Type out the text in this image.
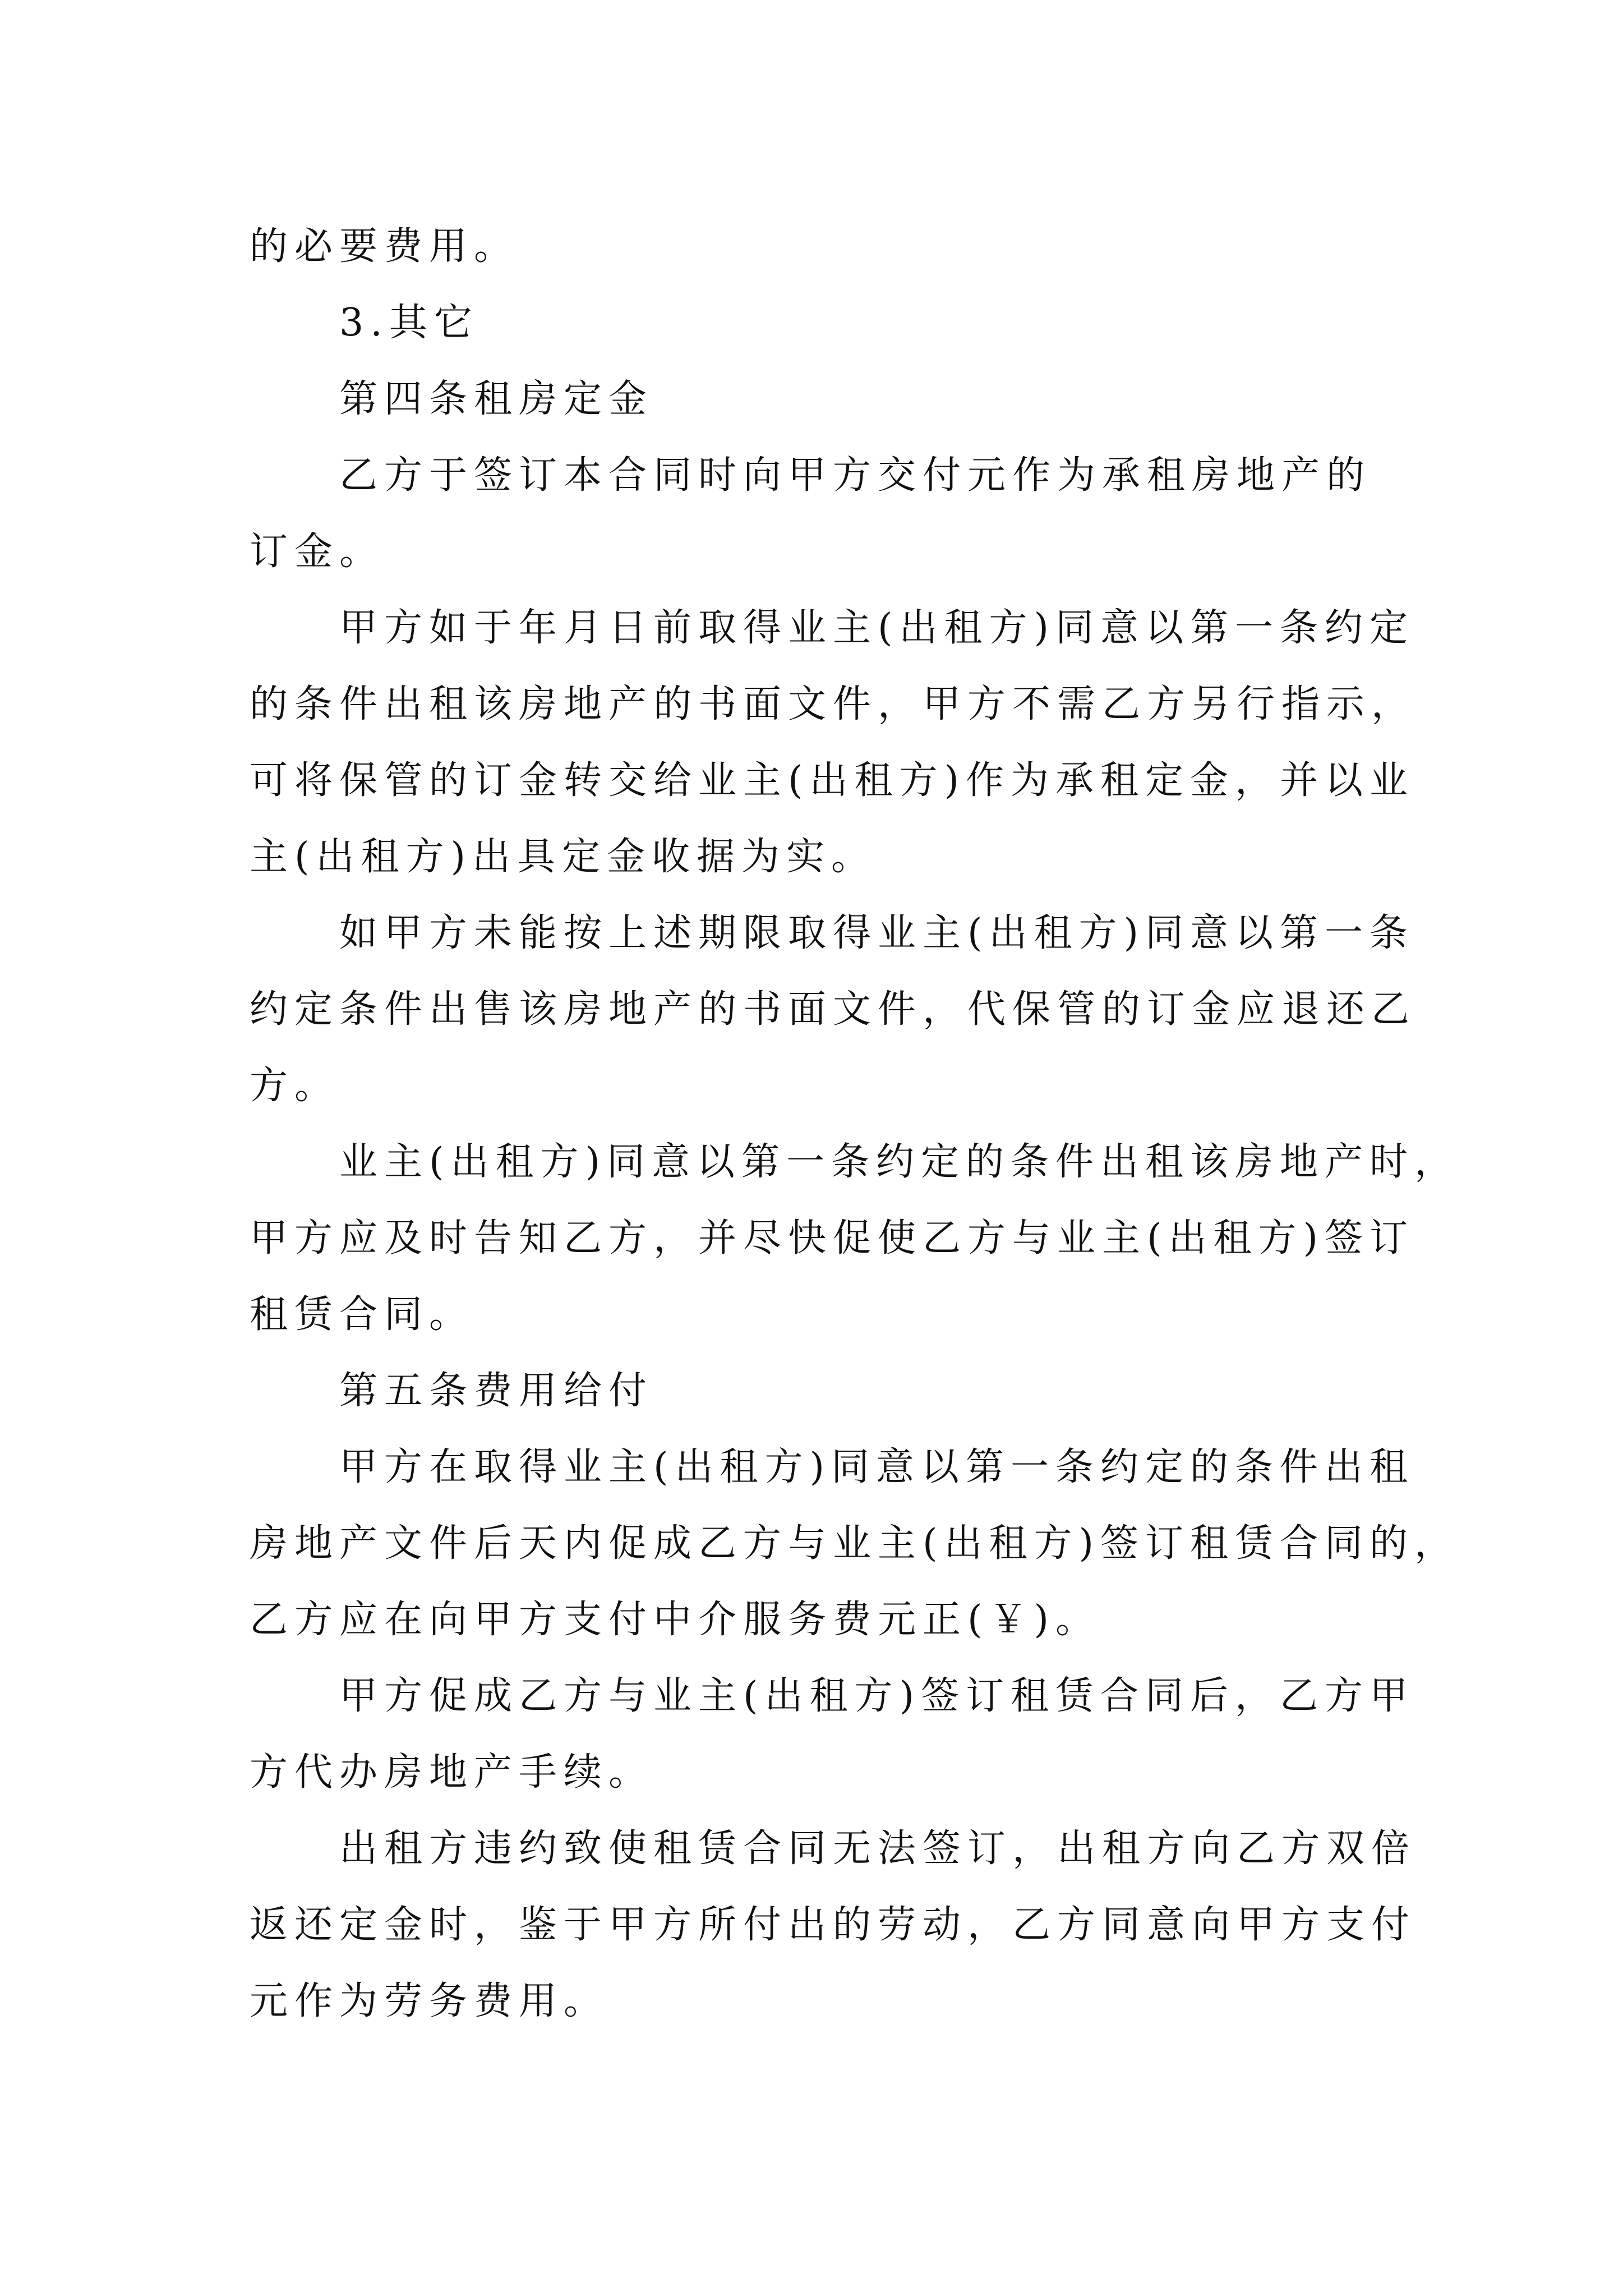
的必要费用。
3.其它
第四条租房定金
乙方于签订本合同时向甲方交付元作为承租房地产的
订金。
甲方如于年月日前取得业主(出租方)同意以第一条约定
的条件出租该房地产的书面文件，甲方不需乙方另行指示，
可将保管的订金转交给业主(出租方)作为承租定金，并以业
主(出租方)出具定金收据为实。
如甲方未能按上述期限取得业主(出租方)同意以第一条
约定条件出售该房地产的书面文件，代保管的订金应退还乙
方。
业主(出租方)同意以第一条约定的条件出租该房地产时，
甲方应及时告知乙方，并尽快促使乙方与业主(出租方)签订
租赁合同。
第五条费用给付
甲方在取得业主(出租方)同意以第一条约定的条件出租
房地产文件后天内促成乙方与业主(出租方)签订租赁合同的，
乙方应在向甲方支付中介服务费元正(￥)。
甲方促成乙方与业主(出租方)签订租赁合同后，乙方甲
方代办房地产手续。
出租方违约致使租赁合同无法签订，出租方向乙方双倍
返还定金时，鉴于甲方所付出的劳动，乙方同意向甲方支付
元作为劳务费用。
